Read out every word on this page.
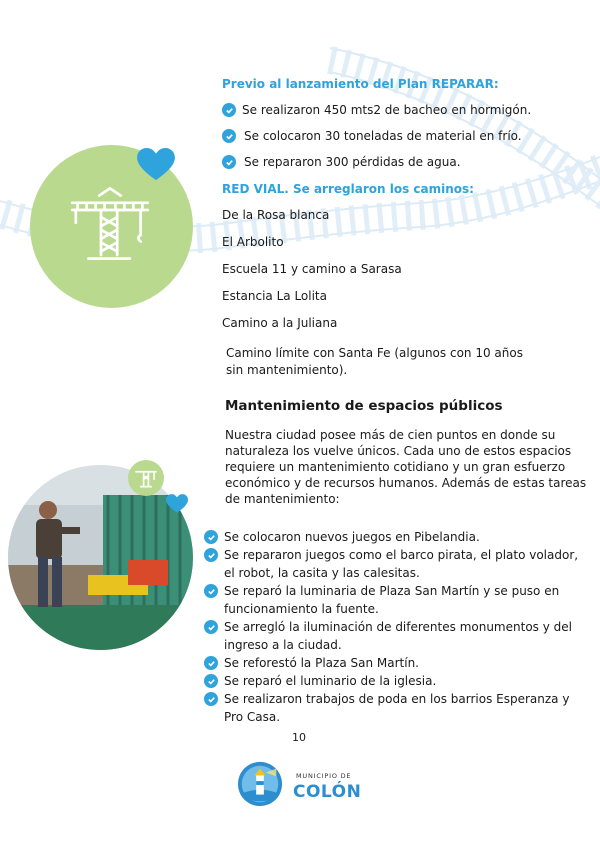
Previo al lanzamiento del Plan REPARAR:
Se realizaron 450 mts2 de bacheo en hormigón.
Se colocaron 30 toneladas de material en frío.
Se repararon 300 pérdidas de agua.
RED VIAL. Se arreglaron los caminos:
De la Rosa blanca
El Arbolito
Escuela 11 y camino a Sarasa
Estancia La Lolita
Camino a la Juliana
Camino límite con Santa Fe (algunos con 10 años
sin mantenimiento).
Mantenimiento de espacios públicos
Nuestra ciudad posee más de cien puntos en donde su
naturaleza los vuelve únicos. Cada uno de estos espacios
requiere un mantenimiento cotidiano y un gran esfuerzo
económico y de recursos humanos. Además de estas tareas
de mantenimiento:
Se colocaron nuevos juegos en Pibelandia.
Se repararon juegos como el barco pirata, el plato volador,
el robot, la casita y las calesitas.
Se reparó la luminaria de Plaza San Martín y se puso en
funcionamiento la fuente.
Se arregló la iluminación de diferentes monumentos y del
ingreso a la ciudad.
Se reforestó la Plaza San Martín.
Se reparó el luminario de la iglesia.
Se realizaron trabajos de poda en los barrios Esperanza y
Pro Casa.
10
MUNICIPIO DE
COLÓN
